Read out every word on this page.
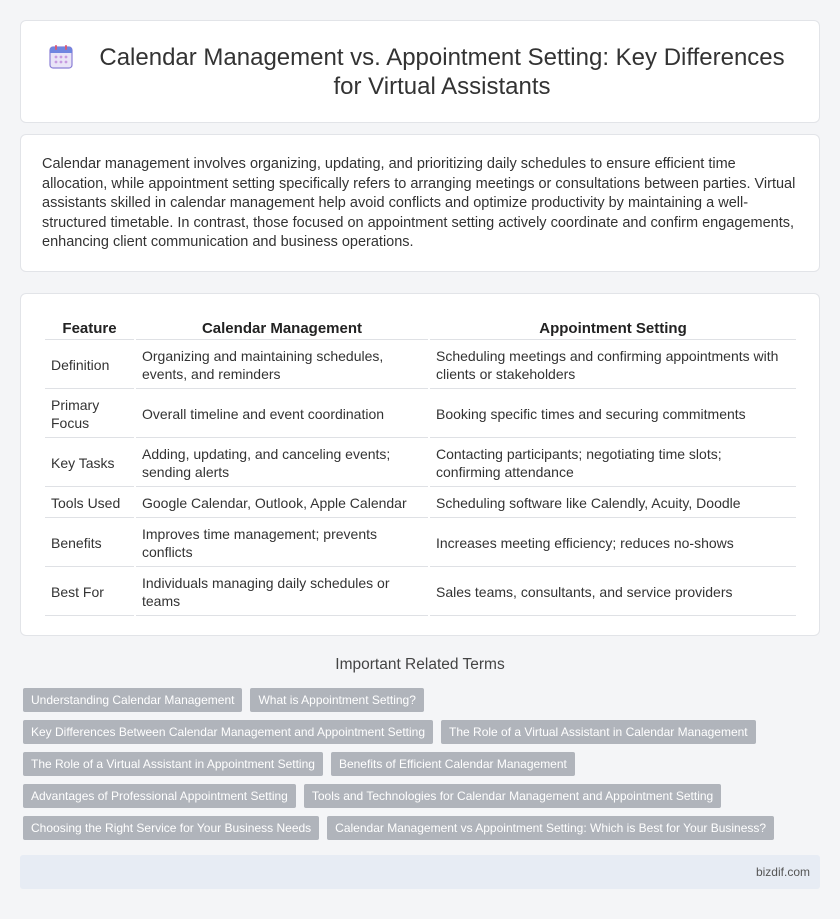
Calendar Management vs. Appointment Setting: Key Differences for Virtual Assistants

Calendar management involves organizing, updating, and prioritizing daily schedules to ensure efficient time allocation, while appointment setting specifically refers to arranging meetings or consultations between parties. Virtual assistants skilled in calendar management help avoid conflicts and optimize productivity by maintaining a well-structured timetable. In contrast, those focused on appointment setting actively coordinate and confirm engagements, enhancing client communication and business operations.

Feature	Calendar Management	Appointment Setting
Definition	Organizing and maintaining schedules, events, and reminders	Scheduling meetings and confirming appointments with clients or stakeholders
Primary Focus	Overall timeline and event coordination	Booking specific times and securing commitments
Key Tasks	Adding, updating, and canceling events; sending alerts	Contacting participants; negotiating time slots; confirming attendance
Tools Used	Google Calendar, Outlook, Apple Calendar	Scheduling software like Calendly, Acuity, Doodle
Benefits	Improves time management; prevents conflicts	Increases meeting efficiency; reduces no-shows
Best For	Individuals managing daily schedules or teams	Sales teams, consultants, and service providers
Important Related Terms
Understanding Calendar Management	What is Appointment Setting?
Key Differences Between Calendar Management and Appointment Setting	The Role of a Virtual Assistant in Calendar Management
The Role of a Virtual Assistant in Appointment Setting	Benefits of Efficient Calendar Management
Advantages of Professional Appointment Setting	Tools and Technologies for Calendar Management and Appointment Setting
Choosing the Right Service for Your Business Needs	Calendar Management vs Appointment Setting: Which is Best for Your Business?
bizdif.com
